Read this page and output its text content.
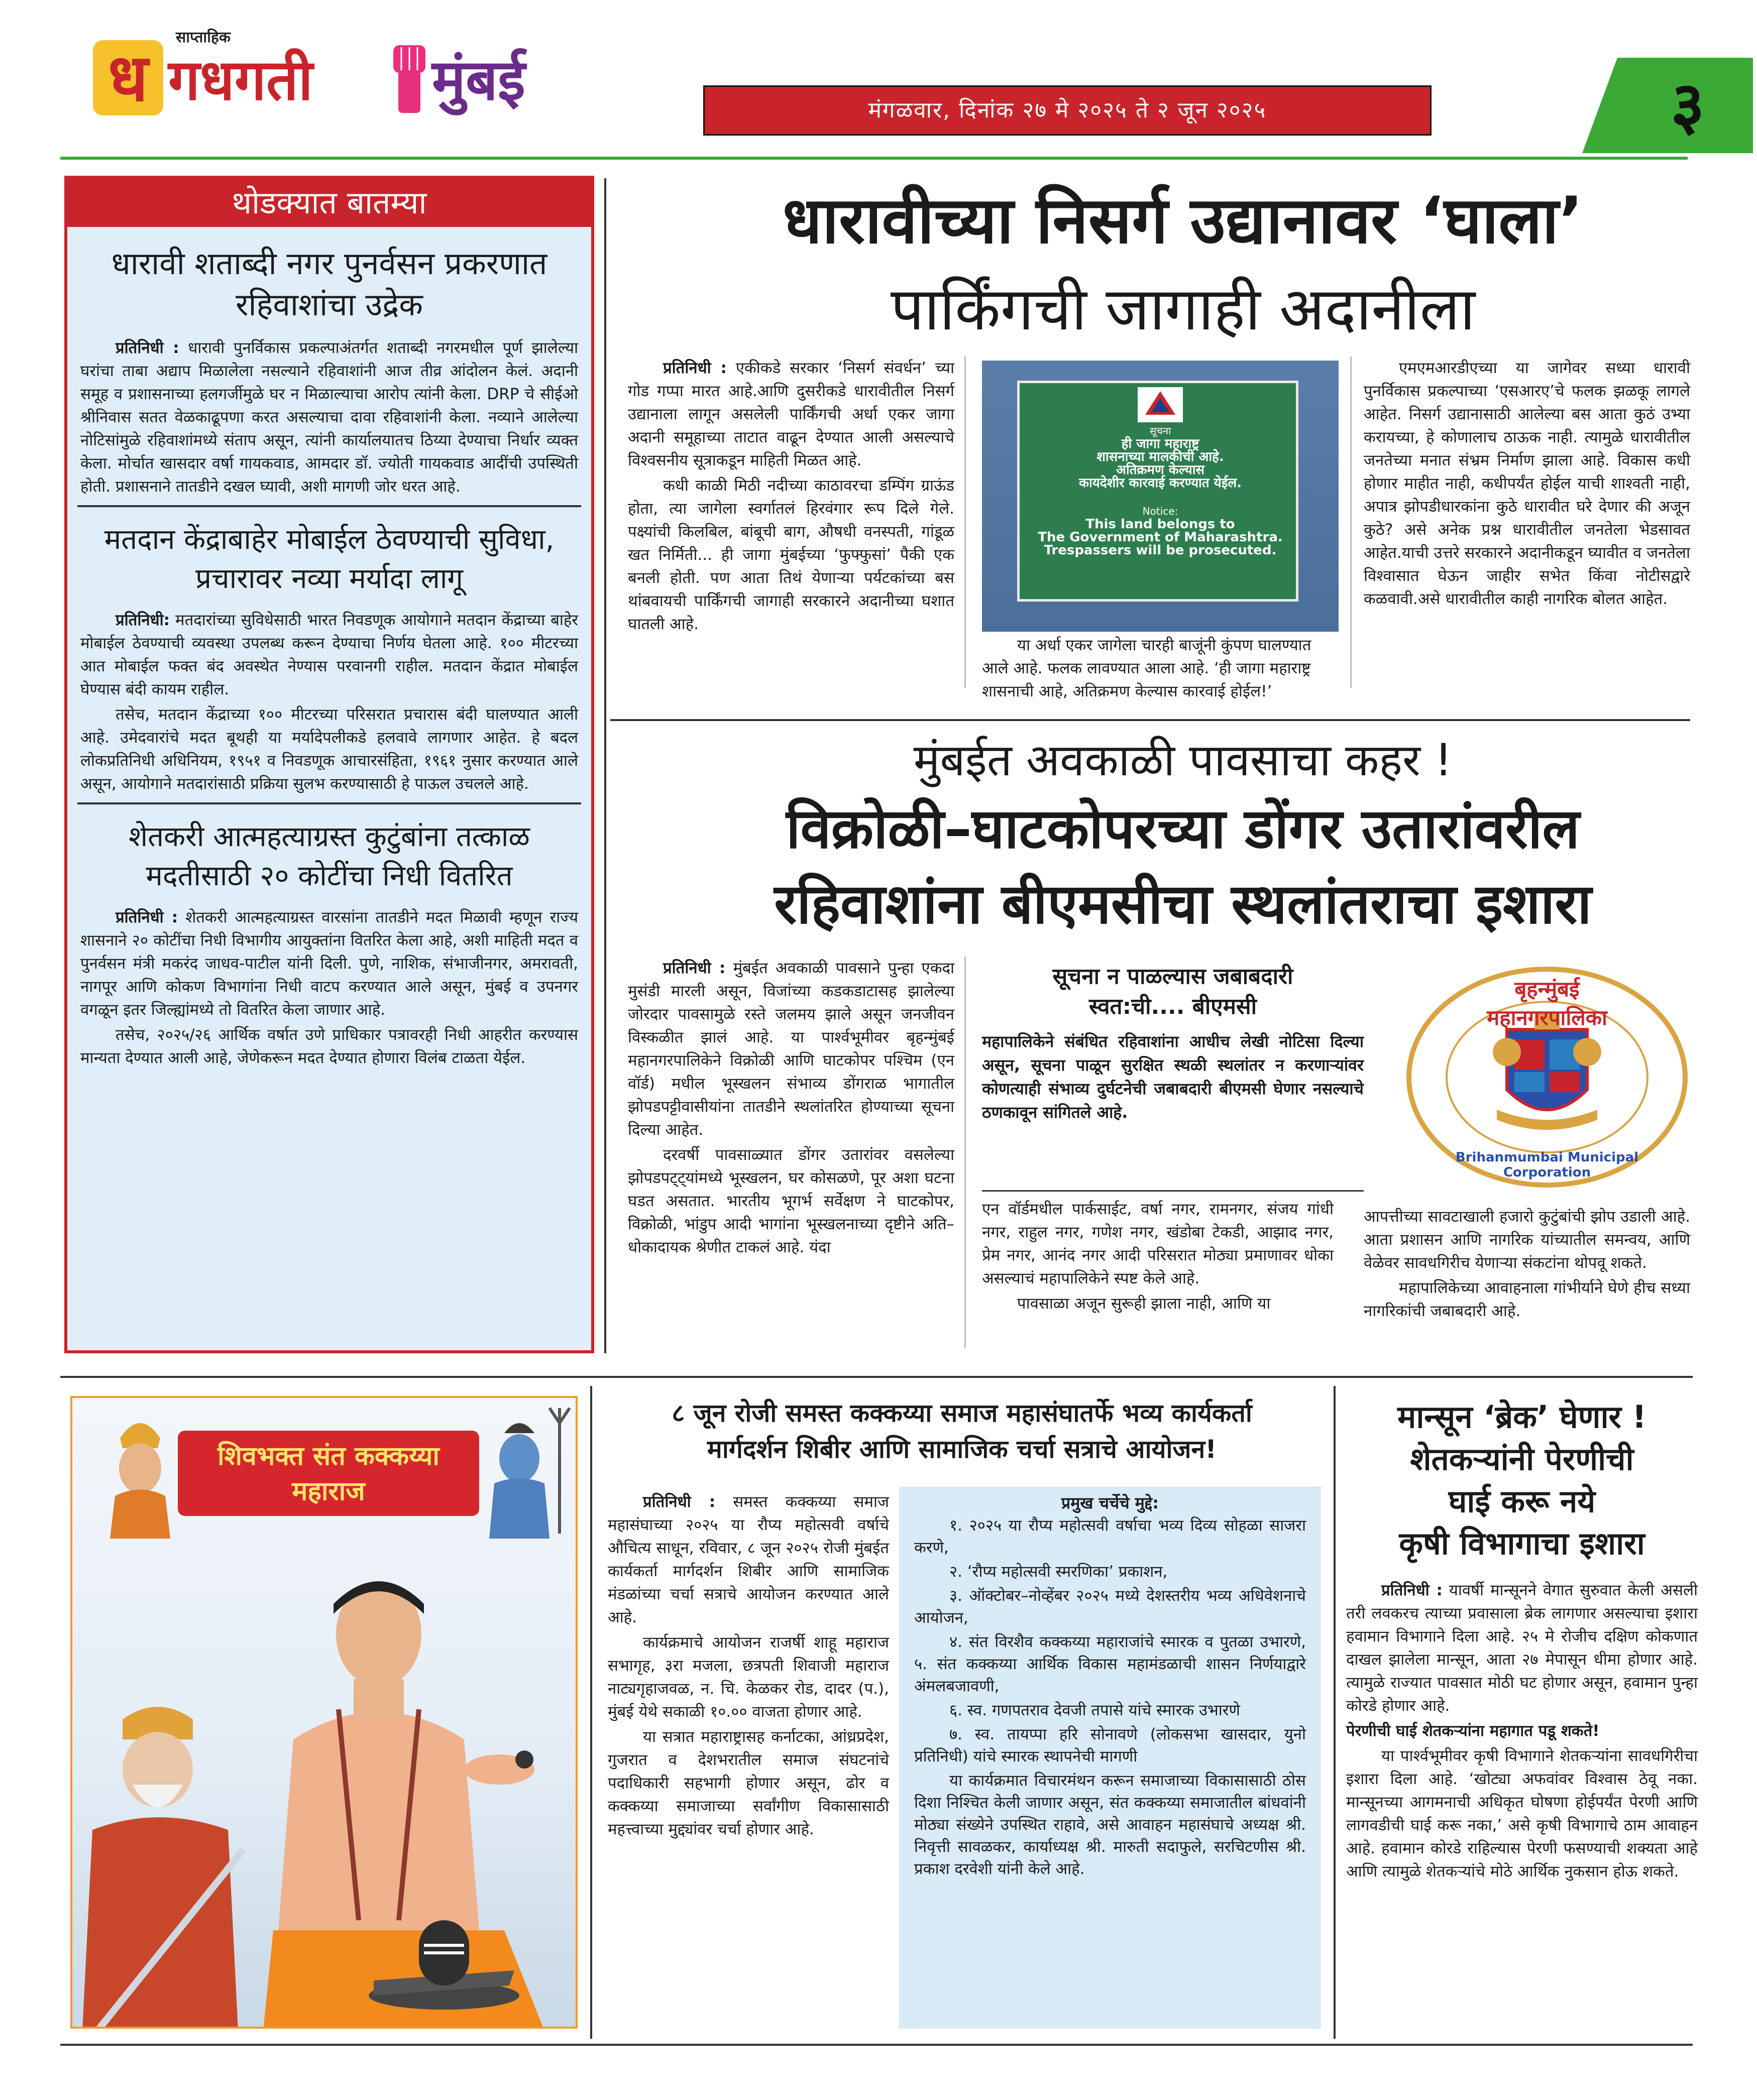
साप्ताहिक
ध गधगती मुंबई	मंगळवार, दिनांक २७ मे २०२५ ते २ जून २०२५	३
थोडक्यात बातम्या
धारावी शताब्दी नगर पुनर्वसन प्रकरणात रहिवाशांचा उद्रेक

प्रतिनिधी : धारावी पुनर्विकास प्रकल्पाअंतर्गत शताब्दी नगरमधील पूर्ण झालेल्या घरांचा ताबा अद्याप मिळालेला नसल्याने रहिवाशांनी आज तीव्र आंदोलन केलं. अदानी समूह व प्रशासनाच्या हलगर्जीमुळे घर न मिळाल्याचा आरोप त्यांनी केला. DRP चे सीईओ श्रीनिवास सतत वेळकाढूपणा करत असल्याचा दावा रहिवाशांनी केला. नव्याने आलेल्या नोटिसांमुळे रहिवाशांमध्ये संताप असून, त्यांनी कार्यालयातच ठिय्या देण्याचा निर्धार व्यक्त केला. मोर्चात खासदार वर्षा गायकवाड, आमदार डॉ. ज्योती गायकवाड आदींची उपस्थिती होती. प्रशासनाने तातडीने दखल घ्यावी, अशी मागणी जोर धरत आहे.

मतदान केंद्राबाहेर मोबाईल ठेवण्याची सुविधा, प्रचारावर नव्या मर्यादा लागू

प्रतिनिधी: मतदारांच्या सुविधेसाठी भारत निवडणूक आयोगाने मतदान केंद्राच्या बाहेर मोबाईल ठेवण्याची व्यवस्था उपलब्ध करून देण्याचा निर्णय घेतला आहे. १०० मीटरच्या आत मोबाईल फक्त बंद अवस्थेत नेण्यास परवानगी राहील. मतदान केंद्रात मोबाईल घेण्यास बंदी कायम राहील.

तसेच, मतदान केंद्राच्या १०० मीटरच्या परिसरात प्रचारास बंदी घालण्यात आली आहे. उमेदवारांचे मदत बूथही या मर्यादेपलीकडे हलवावे लागणार आहेत. हे बदल लोकप्रतिनिधी अधिनियम, १९५१ व निवडणूक आचारसंहिता, १९६१ नुसार करण्यात आले असून, आयोगाने मतदारांसाठी प्रक्रिया सुलभ करण्यासाठी हे पाऊल उचलले आहे.

शेतकरी आत्महत्याग्रस्त कुटुंबांना तत्काळ मदतीसाठी २० कोटींचा निधी वितरित

प्रतिनिधी : शेतकरी आत्महत्याग्रस्त वारसांना तातडीने मदत मिळावी म्हणून राज्य शासनाने २० कोटींचा निधी विभागीय आयुक्तांना वितरित केला आहे, अशी माहिती मदत व पुनर्वसन मंत्री मकरंद जाधव-पाटील यांनी दिली. पुणे, नाशिक, संभाजीनगर, अमरावती, नागपूर आणि कोकण विभागांना निधी वाटप करण्यात आले असून, मुंबई व उपनगर वगळून इतर जिल्ह्यांमध्ये तो वितरित केला जाणार आहे.

तसेच, २०२५/२६ आर्थिक वर्षात उणे प्राधिकार पत्रावरही निधी आहरीत करण्यास मान्यता देण्यात आली आहे, जेणेकरून मदत देण्यात होणारा विलंब टाळता येईल.

धारावीच्या निसर्ग उद्यानावर ‘घाला’
पार्किंगची जागाही अदानीला

प्रतिनिधी : एकीकडे सरकार ‘निसर्ग संवर्धन’ च्या गोड गप्पा मारत आहे.आणि दुसरीकडे धारावीतील निसर्ग उद्यानाला लागून असलेली पार्किंगची अर्धा एकर जागा अदानी समूहाच्या ताटात वाढून देण्यात आली असल्याचे विश्वसनीय सूत्राकडून माहिती मिळत आहे.

कधी काळी मिठी नदीच्या काठावरचा डम्पिंग ग्राऊंड होता, त्या जागेला स्वर्गातलं हिरवंगार रूप दिले गेले. पक्ष्यांची किलबिल, बांबूची बाग, औषधी वनस्पती, गांडूळ खत निर्मिती... ही जागा मुंबईच्या ‘फुफ्फुसां’ पैकी एक बनली होती. पण आता तिथं येणाऱ्या पर्यटकांच्या बस थांबवायची पार्किंगची जागाही सरकारने अदानीच्या घशात घातली आहे.

सूचना
ही जागा महाराष्ट्र
शासनाच्या मालकीची आहे.
अतिक्रमण केल्यास
कायदेशीर कारवाई करण्यात येईल.
Notice:
This land belongs to
The Government of Maharashtra.
Trespassers will be prosecuted.

या अर्धा एकर जागेला चारही बाजूंनी कुंपण घालण्यात आले आहे. फलक लावण्यात आला आहे. ‘ही जागा महाराष्ट्र शासनाची आहे, अतिक्रमण केल्यास कारवाई होईल!’

एमएमआरडीएच्या या जागेवर सध्या धारावी पुनर्विकास प्रकल्पाच्या ‘एसआरए’चे फलक झळकू लागले आहेत. निसर्ग उद्यानासाठी आलेल्या बस आता कुठं उभ्या करायच्या, हे कोणालाच ठाऊक नाही. त्यामुळे धारावीतील जनतेच्या मनात संभ्रम निर्माण झाला आहे. विकास कधी होणार माहीत नाही, कधीपर्यंत होईल याची शाश्वती नाही, अपात्र झोपडीधारकांना कुठे धारावीत घरे देणार की अजून कुठे? असे अनेक प्रश्न धारावीतील जनतेला भेडसावत आहेत.याची उत्तरे सरकारने अदानीकडून घ्यावीत व जनतेला विश्वासात घेऊन जाहीर सभेत किंवा नोटीसद्वारे कळवावी.असे धारावीतील काही नागरिक बोलत आहेत.

मुंबईत अवकाळी पावसाचा कहर !
विक्रोळी–घाटकोपरच्या डोंगर उतारांवरील
रहिवाशांना बीएमसीचा स्थलांतराचा इशारा

प्रतिनिधी : मुंबईत अवकाळी पावसाने पुन्हा एकदा मुसंडी मारली असून, विजांच्या कडकडाटासह झालेल्या जोरदार पावसामुळे रस्ते जलमय झाले असून जनजीवन विस्कळीत झालं आहे. या पार्श्वभूमीवर बृहन्मुंबई महानगरपालिकेने विक्रोळी आणि घाटकोपर पश्चिम (एन वॉर्ड) मधील भूस्खलन संभाव्य डोंगराळ भागातील झोपडपट्टीवासीयांना तातडीने स्थलांतरित होण्याच्या सूचना दिल्या आहेत.

दरवर्षी पावसाळ्यात डोंगर उतारांवर वसलेल्या झोपडपट्ट्यांमध्ये भूस्खलन, घर कोसळणे, पूर अशा घटना घडत असतात. भारतीय भूगर्भ सर्वेक्षण ने घाटकोपर, विक्रोळी, भांडुप आदी भागांना भूस्खलनाच्या दृष्टीने अति–धोकादायक श्रेणीत टाकलं आहे. यंदा

सूचना न पाळल्यास जबाबदारी स्वत:ची.... बीएमसी

महापालिकेने संबंधित रहिवाशांना आधीच लेखी नोटिसा दिल्या असून, सूचना पाळून सुरक्षित स्थळी स्थलांतर न करणाऱ्यांवर कोणत्याही संभाव्य दुर्घटनेची जबाबदारी बीएमसी घेणार नसल्याचे ठणकावून सांगितले आहे.

एन वॉर्डमधील पार्कसाईट, वर्षा नगर, रामनगर, संजय गांधी नगर, राहुल नगर, गणेश नगर, खंडोबा टेकडी, आझाद नगर, प्रेम नगर, आनंद नगर आदी परिसरात मोठ्या प्रमाणावर धोका असल्याचं महापालिकेने स्पष्ट केले आहे.

पावसाळा अजून सुरूही झाला नाही, आणि या

बृहन्मुंबई महानगरपालिका
Brihanmumbai Municipal Corporation

आपत्तीच्या सावटाखाली हजारो कुटुंबांची झोप उडाली आहे. आता प्रशासन आणि नागरिक यांच्यातील समन्वय, आणि वेळेवर सावधगिरीच येणाऱ्या संकटांना थोपवू शकते.

महापालिकेच्या आवाहनाला गांभीर्याने घेणे हीच सध्या नागरिकांची जबाबदारी आहे.

शिवभक्त संत कक्कय्या
महाराज
८ जून रोजी समस्त कक्कय्या समाज महासंघातर्फे भव्य कार्यकर्ता
मार्गदर्शन शिबीर आणि सामाजिक चर्चा सत्राचे आयोजन!

प्रतिनिधी : समस्त कक्कय्या समाज महासंघाच्या २०२५ या रौप्य महोत्सवी वर्षाचे औचित्य साधून, रविवार, ८ जून २०२५ रोजी मुंबईत कार्यकर्ता मार्गदर्शन शिबीर आणि सामाजिक मंडळांच्या चर्चा सत्राचे आयोजन करण्यात आले आहे.

कार्यक्रमाचे आयोजन राजर्षी शाहू महाराज सभागृह, ३रा मजला, छत्रपती शिवाजी महाराज नाट्यगृहाजवळ, न. चि. केळकर रोड, दादर (प.), मुंबई येथे सकाळी १०.०० वाजता होणार आहे.

या सत्रात महाराष्ट्रासह कर्नाटका, आंध्रप्रदेश, गुजरात व देशभरातील समाज संघटनांचे पदाधिकारी सहभागी होणार असून, ढोर व कक्कय्या समाजाच्या सर्वांगीण विकासासाठी महत्त्वाच्या मुद्द्यांवर चर्चा होणार आहे.

प्रमुख चर्चेचे मुद्दे:

१. २०२५ या रौप्य महोत्सवी वर्षाचा भव्य दिव्य सोहळा साजरा करणे,

२. ‘रौप्य महोत्सवी स्मरणिका’ प्रकाशन,

३. ऑक्टोबर–नोव्हेंबर २०२५ मध्ये देशस्तरीय भव्य अधिवेशनाचे आयोजन,

४. संत विरशैव कक्कय्या महाराजांचे स्मारक व पुतळा उभारणे, ५. संत कक्कय्या आर्थिक विकास महामंडळाची शासन निर्णयाद्वारे अंमलबजावणी,

६. स्व. गणपतराव देवजी तपासे यांचे स्मारक उभारणे

७. स्व. तायप्पा हरि सोनावणे (लोकसभा खासदार, युनो प्रतिनिधी) यांचे स्मारक स्थापनेची मागणी

या कार्यक्रमात विचारमंथन करून समाजाच्या विकासासाठी ठोस दिशा निश्चित केली जाणार असून, संत कक्कय्या समाजातील बांधवांनी मोठ्या संख्येने उपस्थित राहावे, असे आवाहन महासंघाचे अध्यक्ष श्री. निवृत्ती सावळकर, कार्याध्यक्ष श्री. मारुती सदाफुले, सरचिटणीस श्री. प्रकाश दरवेशी यांनी केले आहे.

मान्सून ‘ब्रेक’ घेणार !
शेतकऱ्यांनी पेरणीची
घाई करू नये
कृषी विभागाचा इशारा

प्रतिनिधी : यावर्षी मान्सूनने वेगात सुरुवात केली असली तरी लवकरच त्याच्या प्रवासाला ब्रेक लागणार असल्याचा इशारा हवामान विभागाने दिला आहे. २५ मे रोजीच दक्षिण कोकणात दाखल झालेला मान्सून, आता २७ मेपासून धीमा होणार आहे. त्यामुळे राज्यात पावसात मोठी घट होणार असून, हवामान पुन्हा कोरडे होणार आहे.

पेरणीची घाई शेतकऱ्यांना महागात पडू शकते!

या पार्श्वभूमीवर कृषी विभागाने शेतकऱ्यांना सावधगिरीचा इशारा दिला आहे. ‘खोट्या अफवांवर विश्वास ठेवू नका. मान्सूनच्या आगमनाची अधिकृत घोषणा होईपर्यंत पेरणी आणि लागवडीची घाई करू नका,’ असे कृषी विभागाचे ठाम आवाहन आहे. हवामान कोरडे राहिल्यास पेरणी फसण्याची शक्यता आहे आणि त्यामुळे शेतकऱ्यांचे मोठे आर्थिक नुकसान होऊ शकते.
